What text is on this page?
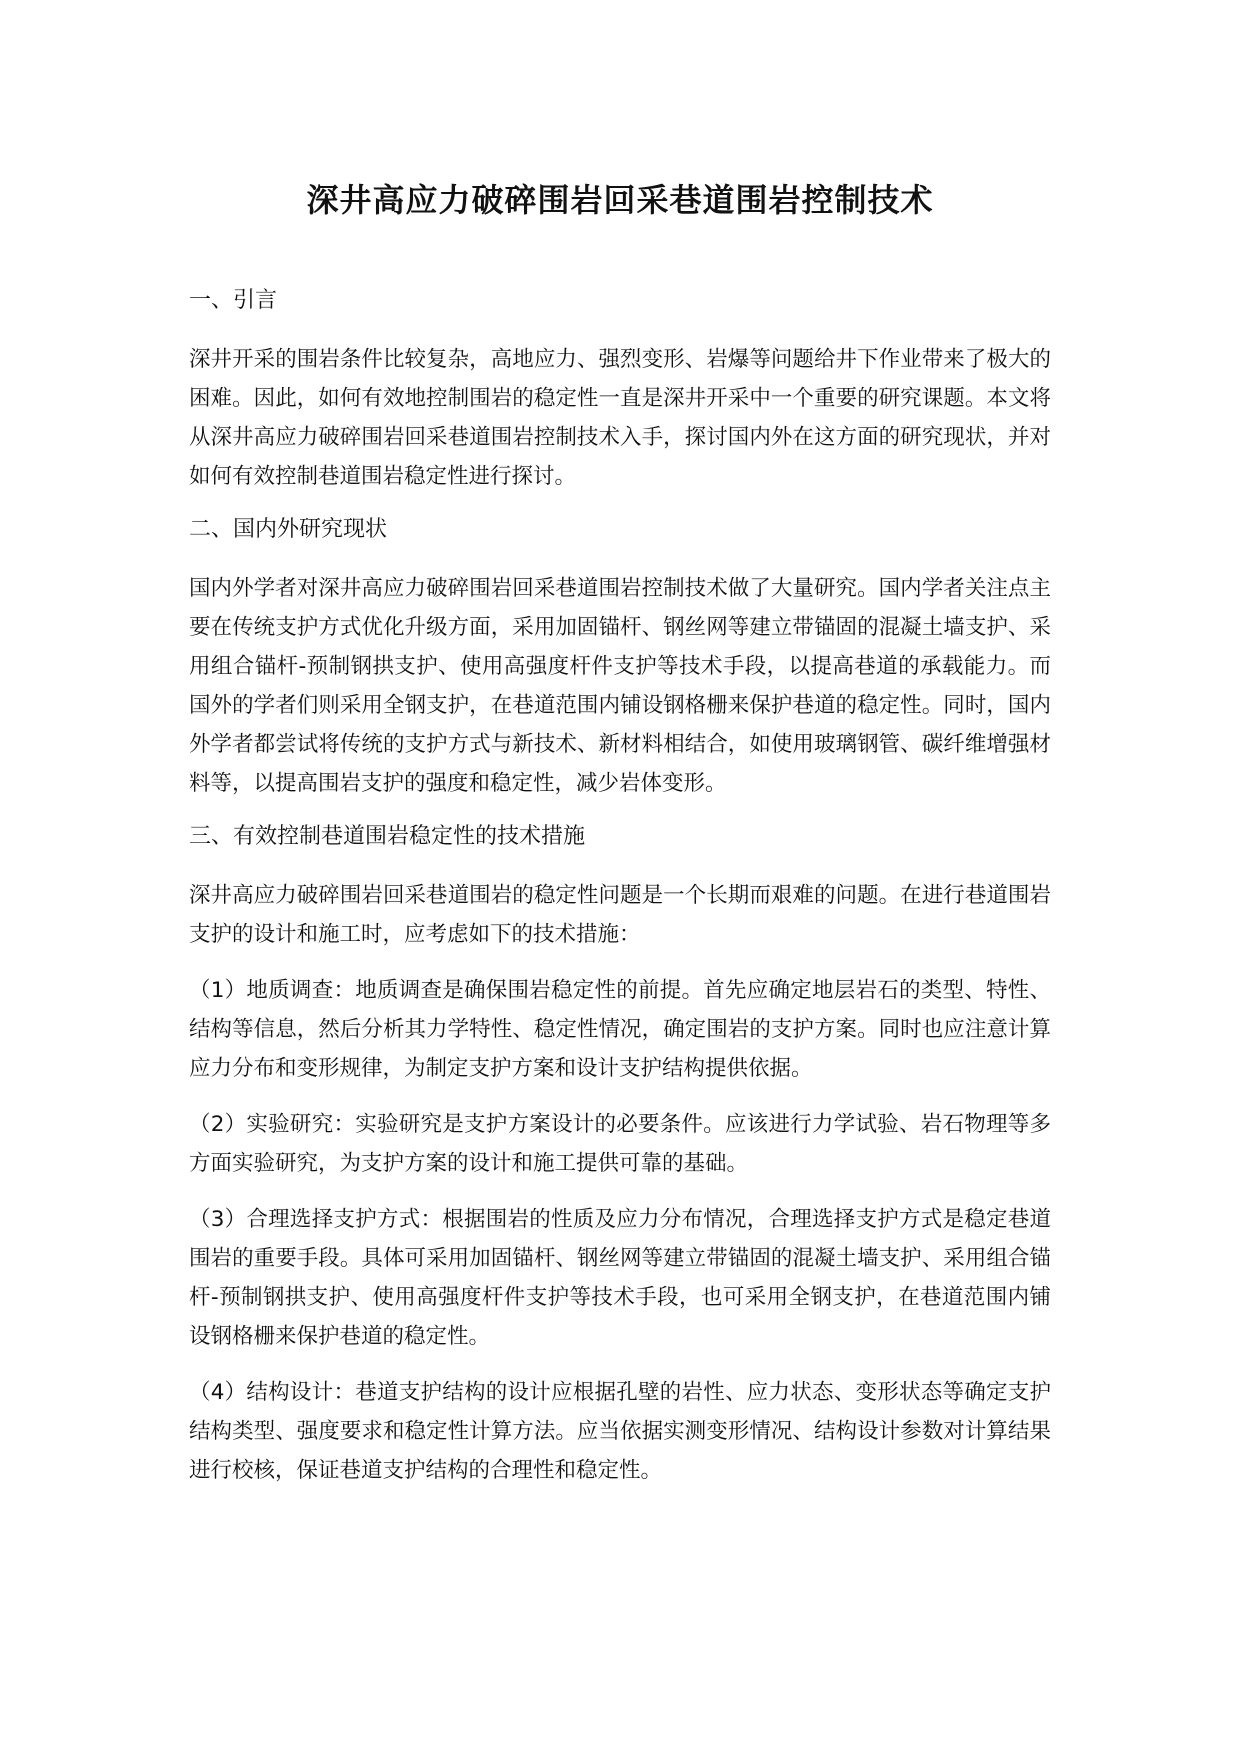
深井高应力破碎围岩回采巷道围岩控制技术

一、引言

深井开采的围岩条件比较复杂，高地应力、强烈变形、岩爆等问题给井下作业带来了极大的困难。因此，如何有效地控制围岩的稳定性一直是深井开采中一个重要的研究课题。本文将从深井高应力破碎围岩回采巷道围岩控制技术入手，探讨国内外在这方面的研究现状，并对如何有效控制巷道围岩稳定性进行探讨。

二、国内外研究现状

国内外学者对深井高应力破碎围岩回采巷道围岩控制技术做了大量研究。国内学者关注点主要在传统支护方式优化升级方面，采用加固锚杆、钢丝网等建立带锚固的混凝土墙支护、采用组合锚杆-预制钢拱支护、使用高强度杆件支护等技术手段，以提高巷道的承载能力。而国外的学者们则采用全钢支护，在巷道范围内铺设钢格栅来保护巷道的稳定性。同时，国内外学者都尝试将传统的支护方式与新技术、新材料相结合，如使用玻璃钢管、碳纤维增强材料等，以提高围岩支护的强度和稳定性，减少岩体变形。

三、有效控制巷道围岩稳定性的技术措施

深井高应力破碎围岩回采巷道围岩的稳定性问题是一个长期而艰难的问题。在进行巷道围岩支护的设计和施工时，应考虑如下的技术措施：

（1）地质调查：地质调查是确保围岩稳定性的前提。首先应确定地层岩石的类型、特性、结构等信息，然后分析其力学特性、稳定性情况，确定围岩的支护方案。同时也应注意计算应力分布和变形规律，为制定支护方案和设计支护结构提供依据。

（2）实验研究：实验研究是支护方案设计的必要条件。应该进行力学试验、岩石物理等多方面实验研究，为支护方案的设计和施工提供可靠的基础。

（3）合理选择支护方式：根据围岩的性质及应力分布情况，合理选择支护方式是稳定巷道围岩的重要手段。具体可采用加固锚杆、钢丝网等建立带锚固的混凝土墙支护、采用组合锚杆-预制钢拱支护、使用高强度杆件支护等技术手段，也可采用全钢支护，在巷道范围内铺设钢格栅来保护巷道的稳定性。

（4）结构设计：巷道支护结构的设计应根据孔壁的岩性、应力状态、变形状态等确定支护结构类型、强度要求和稳定性计算方法。应当依据实测变形情况、结构设计参数对计算结果进行校核，保证巷道支护结构的合理性和稳定性。
